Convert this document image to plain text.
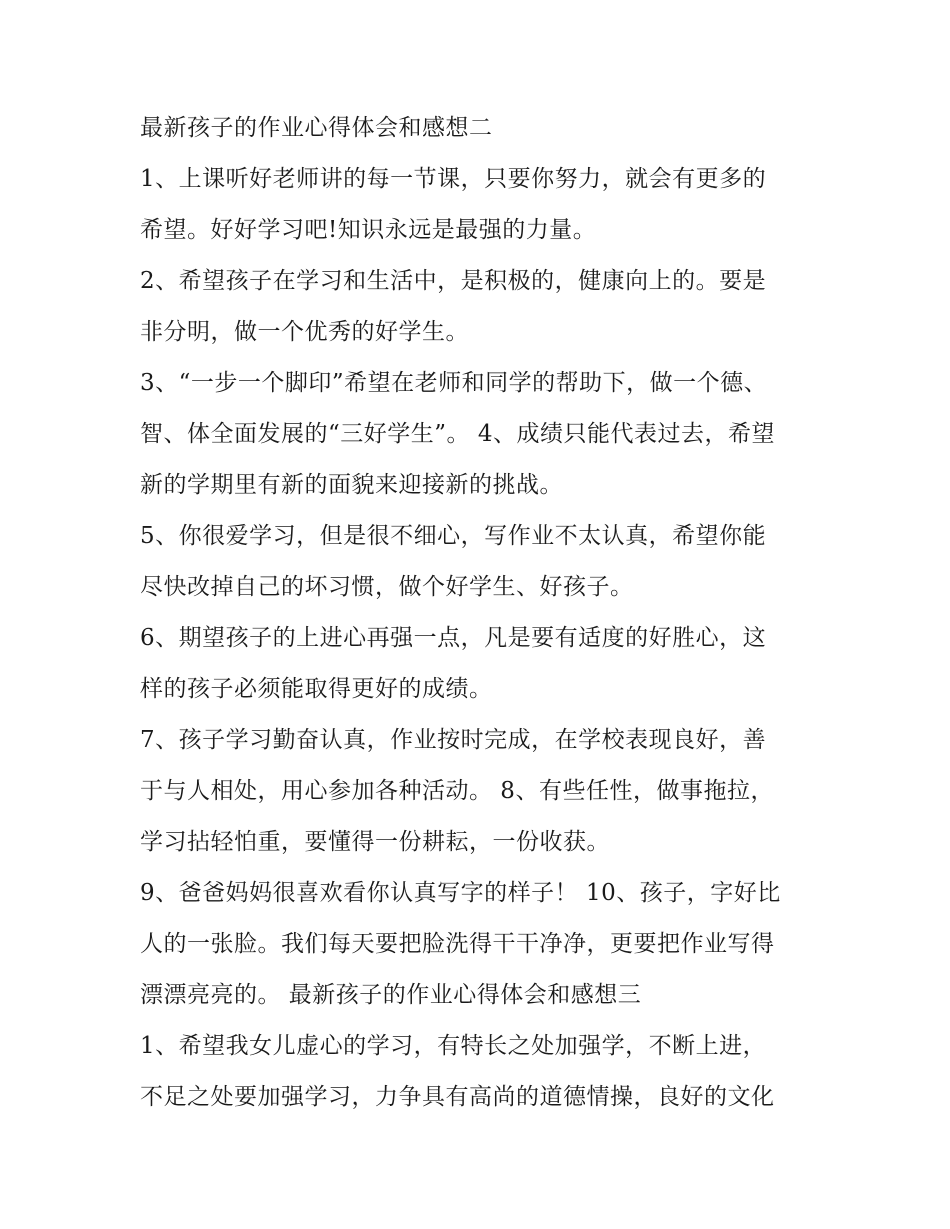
最新孩子的作业心得体会和感想二
1、上课听好老师讲的每一节课，只要你努力，就会有更多的
希望。好好学习吧!知识永远是最强的力量。
2、希望孩子在学习和生活中，是积极的，健康向上的。要是
非分明，做一个优秀的好学生。
3、“一步一个脚印”希望在老师和同学的帮助下，做一个德、
智、体全面发展的“三好学生”。 4、成绩只能代表过去，希望
新的学期里有新的面貌来迎接新的挑战。
5、你很爱学习，但是很不细心，写作业不太认真，希望你能
尽快改掉自己的坏习惯，做个好学生、好孩子。
6、期望孩子的上进心再强一点，凡是要有适度的好胜心，这
样的孩子必须能取得更好的成绩。
7、孩子学习勤奋认真，作业按时完成，在学校表现良好，善
于与人相处，用心参加各种活动。 8、有些任性，做事拖拉，
学习拈轻怕重，要懂得一份耕耘，一份收获。
9、爸爸妈妈很喜欢看你认真写字的样子！ 10、孩子，字好比
人的一张脸。我们每天要把脸洗得干干净净，更要把作业写得
漂漂亮亮的。 最新孩子的作业心得体会和感想三
1、希望我女儿虚心的学习，有特长之处加强学，不断上进，
不足之处要加强学习，力争具有高尚的道德情操，良好的文化
